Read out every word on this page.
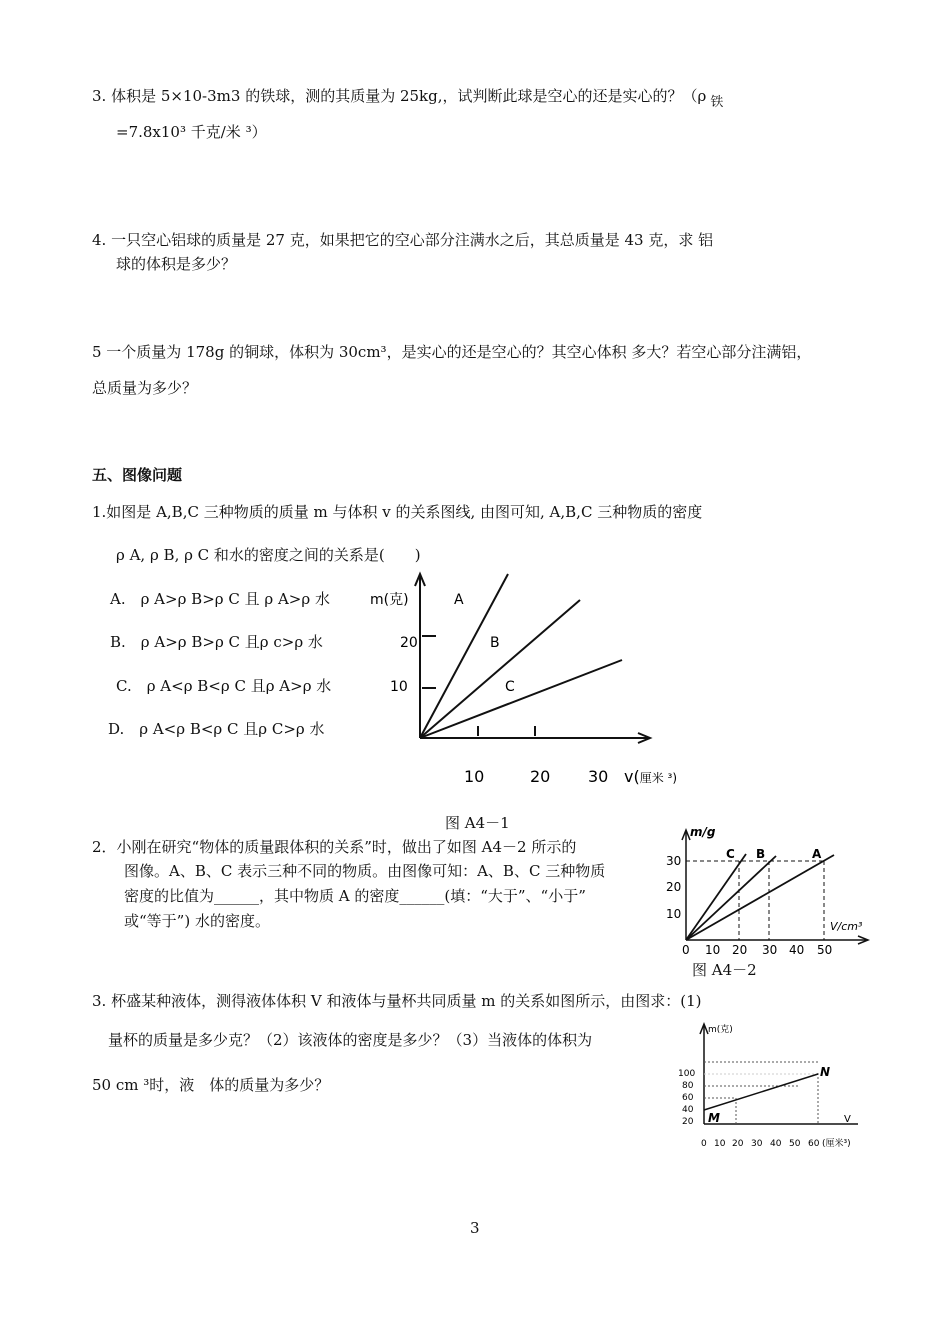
3. 体积是 5×10-3m3 的铁球，测的其质量为 25kg,，试判断此球是空心的还是实心的？（ρ 铁
=7.8x10³ 千克/米 ³）
4. 一只空心铝球的质量是 27 克，如果把它的空心部分注满水之后，其总质量是 43 克，求 铝
球的体积是多少？
5 一个质量为 178g 的铜球，体积为 30cm³，是实心的还是空心的？其空心体积 多大？若空心部分注满铝，
总质量为多少？
五、图像问题
1.如图是 A,B,C 三种物质的质量 m 与体积 v 的关系图线, 由图可知, A,B,C 三种物质的密度
ρ A, ρ B, ρ C 和水的密度之间的关系是(　　)
A.　ρ A>ρ B>ρ C 且 ρ A>ρ 水
B.　ρ A>ρ B>ρ C 且ρ c>ρ 水
C.　ρ A<ρ B<ρ C 且ρ A>ρ 水
D.　ρ A<ρ B<ρ C 且ρ C>ρ 水
m(克)
20
10
A
B
C
10	20 30 v(厘米 ³)
图 A4－1
2．小刚在研究“物体的质量跟体积的关系”时，做出了如图 A4－2 所示的
图像。A、B、C 表示三种不同的物质。由图像可知：A、B、C 三种物质
密度的比值为______，其中物质 A 的密度______(填：“大于”、“小于”
或“等于”) 水的密度。
m/g
30
20
10
C B	A
V/cm³
0 10 20 30 40 50
图 A4－2
3. 杯盛某种液体，测得液体体积 V 和液体与量杯共同质量 m 的关系如图所示，由图求：(1)
量杯的质量是多少克？（2）该液体的密度是多少？（3）当液体的体积为
50 cm ³时，液　体的质量为多少？
m(克)
100
80
60
40
20 M
N
V
0 10 20 30 40 50 60 (厘米³)
3
